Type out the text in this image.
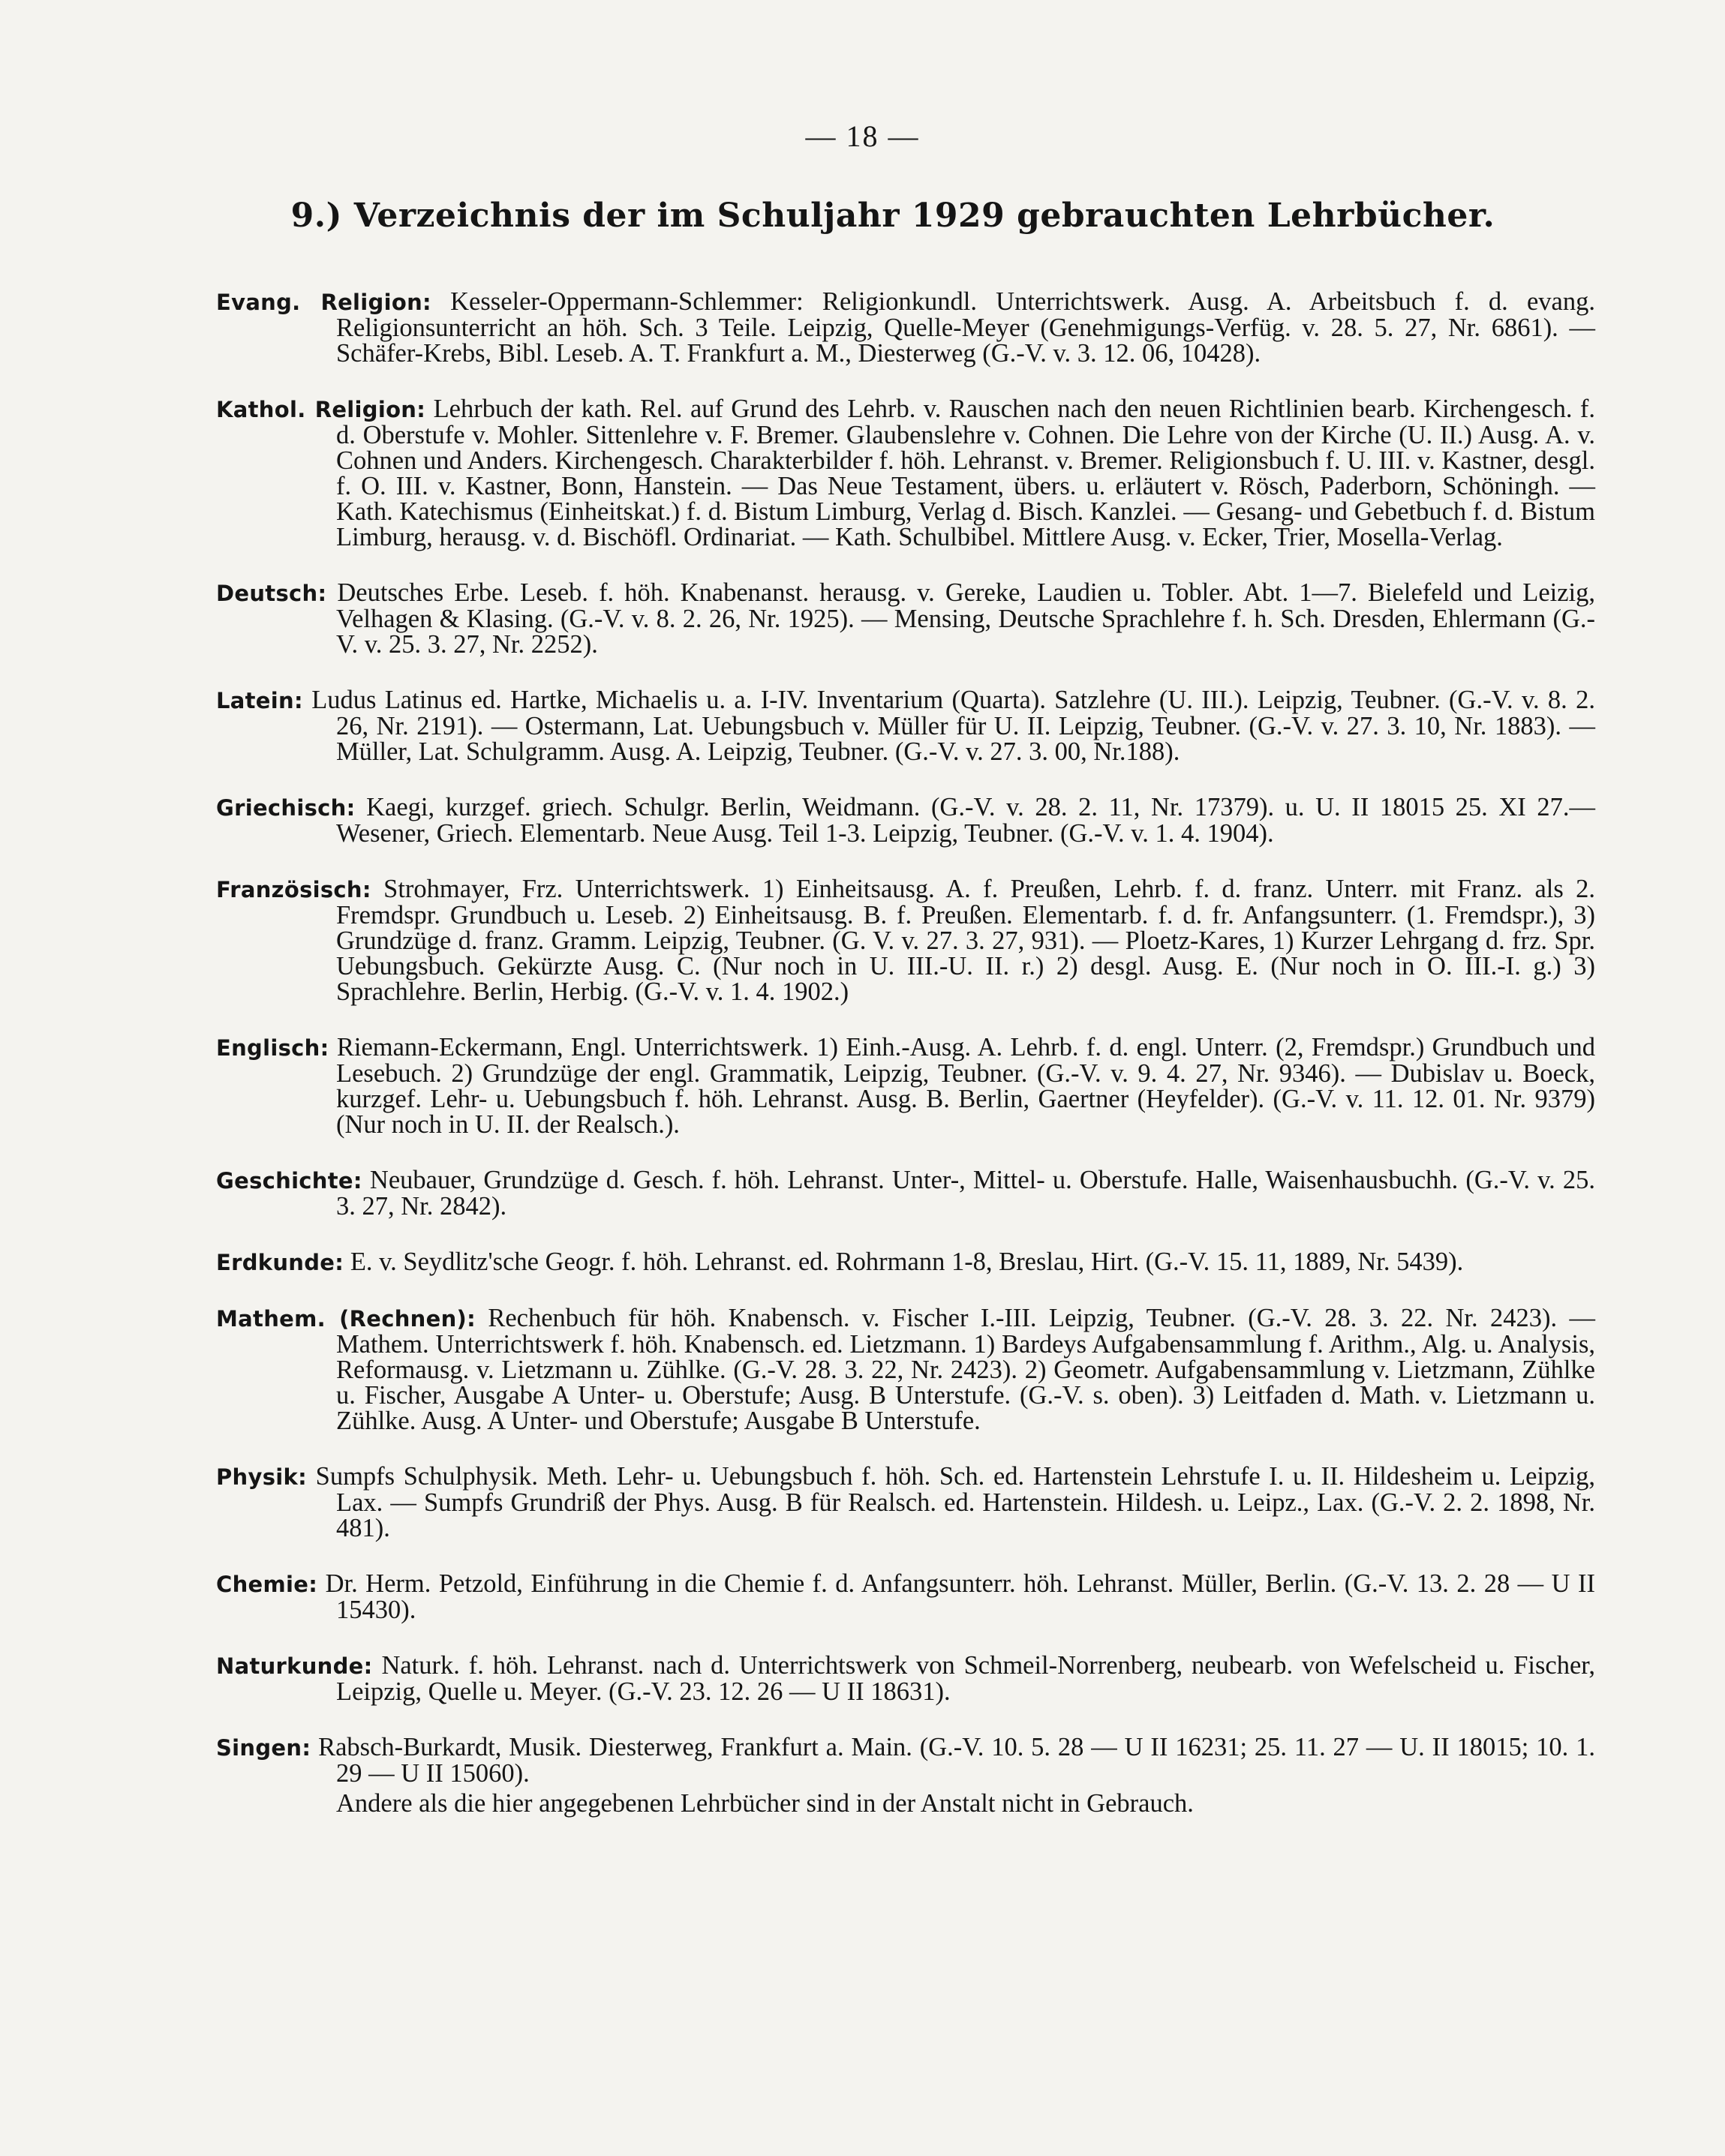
— 18 —
9.) Verzeichnis der im Schuljahr 1929 gebrauchten Lehrbücher.

Evang. Religion: Kesseler-Oppermann-Schlemmer: Religionkundl. Unterrichtswerk. Ausg. A. Arbeitsbuch f. d. evang. Religionsunterricht an höh. Sch. 3 Teile. Leipzig, Quelle-Meyer (Genehmigungs-Verfüg. v. 28. 5. 27, Nr. 6861). — Schäfer-Krebs, Bibl. Leseb. A. T. Frankfurt a. M., Diesterweg (G.-V. v. 3. 12. 06, 10428).

Kathol. Religion: Lehrbuch der kath. Rel. auf Grund des Lehrb. v. Rauschen nach den neuen Richtlinien bearb. Kirchengesch. f. d. Oberstufe v. Mohler. Sittenlehre v. F. Bremer. Glaubenslehre v. Cohnen. Die Lehre von der Kirche (U. II.) Ausg. A. v. Cohnen und Anders. Kirchengesch. Charakterbilder f. höh. Lehranst. v. Bremer. Religionsbuch f. U. III. v. Kastner, desgl. f. O. III. v. Kastner, Bonn, Hanstein. — Das Neue Testament, übers. u. erläutert v. Rösch, Paderborn, Schöningh. — Kath. Katechismus (Einheitskat.) f. d. Bistum Limburg, Verlag d. Bisch. Kanzlei. — Gesang- und Gebetbuch f. d. Bistum Limburg, herausg. v. d. Bischöfl. Ordinariat. — Kath. Schulbibel. Mittlere Ausg. v. Ecker, Trier, Mosella-Verlag.

Deutsch: Deutsches Erbe. Leseb. f. höh. Knabenanst. herausg. v. Gereke, Laudien u. Tobler. Abt. 1—7. Bielefeld und Leizig, Velhagen & Klasing. (G.-V. v. 8. 2. 26, Nr. 1925). — Mensing, Deutsche Sprachlehre f. h. Sch. Dresden, Ehlermann (G.-V. v. 25. 3. 27, Nr. 2252).

Latein: Ludus Latinus ed. Hartke, Michaelis u. a. I-IV. Inventarium (Quarta). Satzlehre (U. III.). Leipzig, Teubner. (G.-V. v. 8. 2. 26, Nr. 2191). — Ostermann, Lat. Uebungsbuch v. Müller für U. II. Leipzig, Teubner. (G.-V. v. 27. 3. 10, Nr. 1883). — Müller, Lat. Schulgramm. Ausg. A. Leipzig, Teubner. (G.-V. v. 27. 3. 00, Nr.188).

Griechisch: Kaegi, kurzgef. griech. Schulgr. Berlin, Weidmann. (G.-V. v. 28. 2. 11, Nr. 17379). u. U. II 18015 25. XI 27.— Wesener, Griech. Elementarb. Neue Ausg. Teil 1-3. Leipzig, Teubner. (G.-V. v. 1. 4. 1904).

Französisch: Strohmayer, Frz. Unterrichtswerk. 1) Einheitsausg. A. f. Preußen, Lehrb. f. d. franz. Unterr. mit Franz. als 2. Fremdspr. Grundbuch u. Leseb. 2) Einheitsausg. B. f. Preußen. Elementarb. f. d. fr. Anfangsunterr. (1. Fremdspr.), 3) Grundzüge d. franz. Gramm. Leipzig, Teubner. (G. V. v. 27. 3. 27, 931). — Ploetz-Kares, 1) Kurzer Lehrgang d. frz. Spr. Uebungsbuch. Gekürzte Ausg. C. (Nur noch in U. III.-U. II. r.) 2) desgl. Ausg. E. (Nur noch in O. III.-I. g.) 3) Sprachlehre. Berlin, Herbig. (G.-V. v. 1. 4. 1902.)

Englisch: Riemann-Eckermann, Engl. Unterrichtswerk. 1) Einh.-Ausg. A. Lehrb. f. d. engl. Unterr. (2, Fremdspr.) Grundbuch und Lesebuch. 2) Grundzüge der engl. Grammatik, Leipzig, Teubner. (G.-V. v. 9. 4. 27, Nr. 9346). — Dubislav u. Boeck, kurzgef. Lehr- u. Uebungsbuch f. höh. Lehranst. Ausg. B. Berlin, Gaertner (Heyfelder). (G.-V. v. 11. 12. 01. Nr. 9379) (Nur noch in U. II. der Realsch.).

Geschichte: Neubauer, Grundzüge d. Gesch. f. höh. Lehranst. Unter-, Mittel- u. Oberstufe. Halle, Waisenhausbuchh. (G.-V. v. 25. 3. 27, Nr. 2842).

Erdkunde: E. v. Seydlitz'sche Geogr. f. höh. Lehranst. ed. Rohrmann 1-8, Breslau, Hirt. (G.-V. 15. 11, 1889, Nr. 5439).

Mathem. (Rechnen): Rechenbuch für höh. Knabensch. v. Fischer I.-III. Leipzig, Teubner. (G.-V. 28. 3. 22. Nr. 2423). — Mathem. Unterrichtswerk f. höh. Knabensch. ed. Lietzmann. 1) Bardeys Aufgabensammlung f. Arithm., Alg. u. Analysis, Reformausg. v. Lietzmann u. Zühlke. (G.-V. 28. 3. 22, Nr. 2423). 2) Geometr. Aufgabensammlung v. Lietzmann, Zühlke u. Fischer, Ausgabe A Unter- u. Oberstufe; Ausg. B Unterstufe. (G.-V. s. oben). 3) Leitfaden d. Math. v. Lietzmann u. Zühlke. Ausg. A Unter- und Oberstufe; Ausgabe B Unterstufe.

Physik: Sumpfs Schulphysik. Meth. Lehr- u. Uebungsbuch f. höh. Sch. ed. Hartenstein Lehrstufe I. u. II. Hildesheim u. Leipzig, Lax. — Sumpfs Grundriß der Phys. Ausg. B für Realsch. ed. Hartenstein. Hildesh. u. Leipz., Lax. (G.-V. 2. 2. 1898, Nr. 481).

Chemie: Dr. Herm. Petzold, Einführung in die Chemie f. d. Anfangsunterr. höh. Lehranst. Müller, Berlin. (G.-V. 13. 2. 28 — U II 15430).

Naturkunde: Naturk. f. höh. Lehranst. nach d. Unterrichtswerk von Schmeil-Norrenberg, neubearb. von Wefelscheid u. Fischer, Leipzig, Quelle u. Meyer. (G.-V. 23. 12. 26 — U II 18631).

Singen: Rabsch-Burkardt, Musik. Diesterweg, Frankfurt a. Main. (G.-V. 10. 5. 28 — U II 16231; 25. 11. 27 — U. II 18015; 10. 1. 29 — U II 15060).

Andere als die hier angegebenen Lehrbücher sind in der Anstalt nicht in Gebrauch.
